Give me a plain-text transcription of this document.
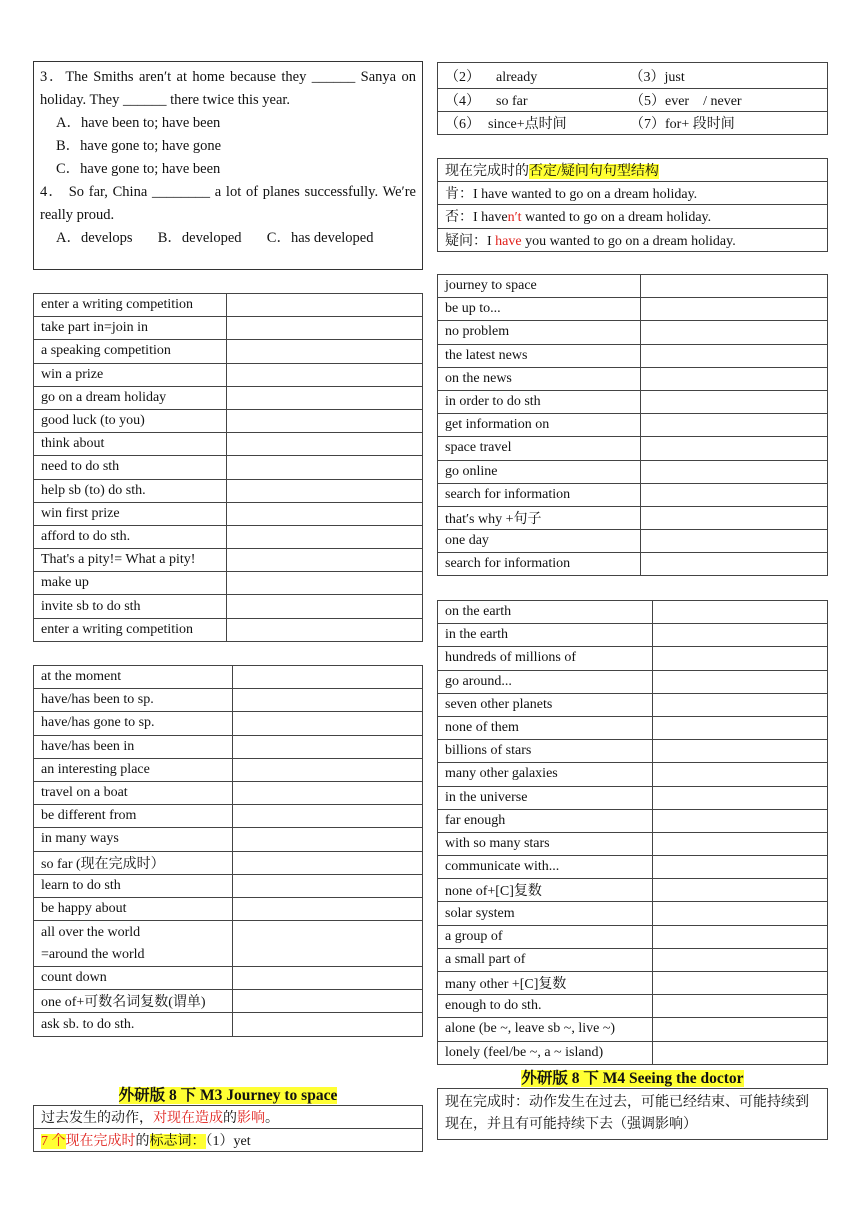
3．The Smiths aren′t at home because they ______ Sanya on holiday. They ______ there twice this year.
A．have been to; have been
B．have gone to; have gone
C．have gone to; have been
4． So far, China ________ a lot of planes successfully. We′re really proud.
A．develops B．developed C．has developed
（2） already	（3）just

（4） so far	（5）ever　/ never

（6） since+点时间	（7）for+ 段时间
现在完成时的否定/疑问句句型结构
肯：I have wanted to go on a dream holiday.
否：I haven′t wanted to go on a dream holiday.
疑问：I have you wanted to go on a dream holiday.
enter a writing competition	
take part in=join in	
a speaking competition	
win a prize	
go on a dream holiday	
good luck (to you)	
think about	
need to do sth	
help sb (to) do sth.	
win first prize	
afford to do sth.	
That's a pity!= What a pity!	
make up	
invite sb to do sth	
enter a writing competition	
at the moment	
have/has been to sp.	
have/has gone to sp.	
have/has been in	
an interesting place	
travel on a boat	
be different from	
in many ways	
so far (现在完成时）	
learn to do sth	
be happy about	

all over the world
=around the world	

count down	
one of+可数名词复数(谓单)	
ask sb. to do sth.	
journey to space	
be up to...	
no problem	
the latest news	
on the news	
in order to do sth	
get information on	
space travel	
go online	
search for information	
that′s why +句子	
one day	
search for information	
on the earth	
in the earth	
hundreds of millions of	
go around...	
seven other planets	
none of them	
billions of stars	
many other galaxies	
in the universe	
far enough	
with so many stars	
communicate with...	
none of+[C]复数	
solar system	
a group of	
a small part of	
many other +[C]复数	
enough to do sth.	
alone (be ~, leave sb ~, live ~)	
lonely (feel/be ~, a ~ island)	
外研版 8 下 M3 Journey to space
过去发生的动作，对现在造成的影响。
7 个现在完成时的标志词：（1）yet
外研版 8 下 M4 Seeing the doctor
现在完成时：动作发生在过去，可能已经结束、可能持续到现在，并且有可能持续下去（强调影响）
